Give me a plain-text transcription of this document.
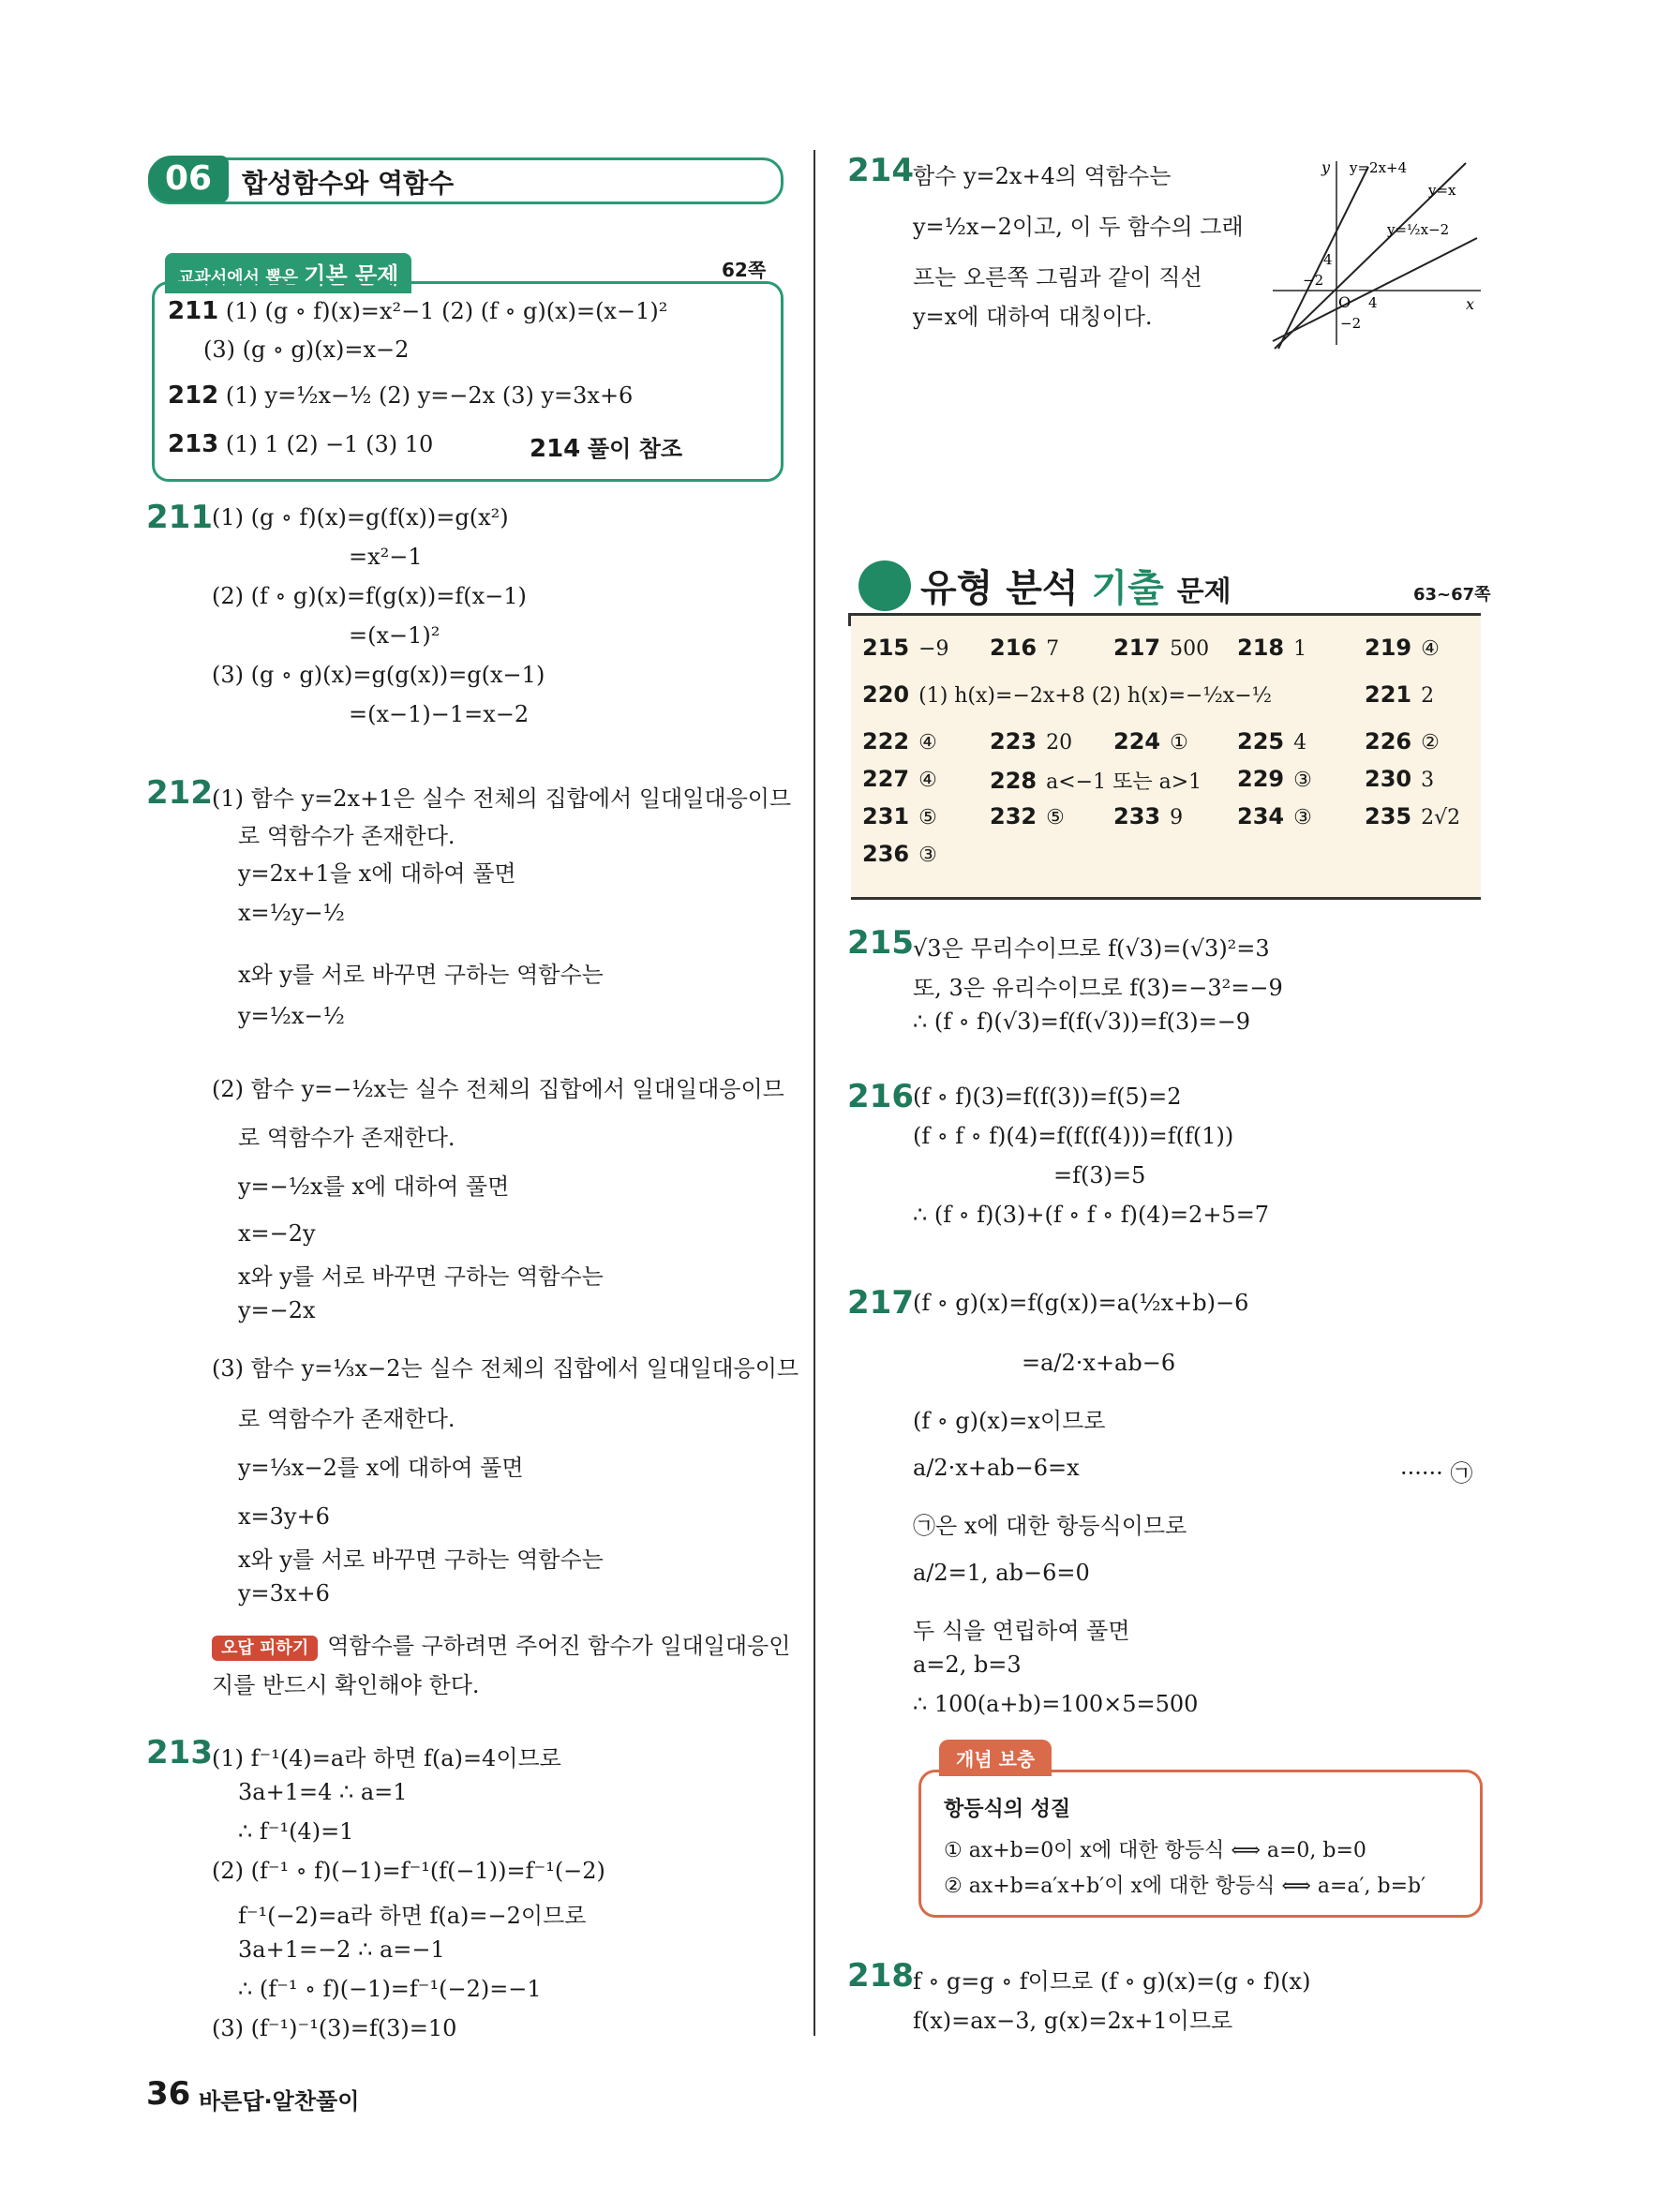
06	합성함수와 역함수
교과서에서 뽑은 기본 문제	62쪽
211 (1) (g ∘ f)(x)=x²−1 (2) (f ∘ g)(x)=(x−1)²
(3) (g ∘ g)(x)=x−2
212 (1) y=½x−½ (2) y=−2x (3) y=3x+6
213 (1) 1 (2) −1 (3) 10	214 풀이 참조
211 (1) (g ∘ f)(x)=g(f(x))=g(x²)
=x²−1
(2) (f ∘ g)(x)=f(g(x))=f(x−1)
=(x−1)²
(3) (g ∘ g)(x)=g(g(x))=g(x−1)
=(x−1)−1=x−2
212 (1) 함수 y=2x+1은 실수 전체의 집합에서 일대일대응이므
로 역함수가 존재한다.
y=2x+1을 x에 대하여 풀면
x=½y−½
x와 y를 서로 바꾸면 구하는 역함수는
y=½x−½
(2) 함수 y=−½x는 실수 전체의 집합에서 일대일대응이므
로 역함수가 존재한다.
y=−½x를 x에 대하여 풀면
x=−2y
x와 y를 서로 바꾸면 구하는 역함수는
y=−2x
(3) 함수 y=⅓x−2는 실수 전체의 집합에서 일대일대응이므
로 역함수가 존재한다.
y=⅓x−2를 x에 대하여 풀면
x=3y+6
x와 y를 서로 바꾸면 구하는 역함수는
y=3x+6
오답 피하기 역함수를 구하려면 주어진 함수가 일대일대응인
지를 반드시 확인해야 한다.
213 (1) f⁻¹(4)=a라 하면 f(a)=4이므로
3a+1=4 ∴ a=1
∴ f⁻¹(4)=1
(2) (f⁻¹ ∘ f)(−1)=f⁻¹(f(−1))=f⁻¹(−2)
f⁻¹(−2)=a라 하면 f(a)=−2이므로
3a+1=−2 ∴ a=−1
∴ (f⁻¹ ∘ f)(−1)=f⁻¹(−2)=−1
(3) (f⁻¹)⁻¹(3)=f(3)=10
214 함수 y=2x+4의 역함수는
y=½x−2이고, 이 두 함수의 그래
프는 오른쪽 그림과 같이 직선
y=x에 대하여 대칭이다.
y
x
O
y=2x+4
y=x
y=½x−2
4
−2
4
−2
유형 분석 기출 문제	63~67쪽
215 −9 216 7 217 500 218 1	219 ④
220 (1) h(x)=−2x+8 (2) h(x)=−½x−½	221 2
222 ④ 223 20 224 ① 225 4	226 ②
227 ④ 228 a<−1 또는 a>1 229 ③ 230 3
231 ⑤ 232 ⑤ 233 9 234 ③ 235 2√2
236 ③
215 √3은 무리수이므로 f(√3)=(√3)²=3
또, 3은 유리수이므로 f(3)=−3²=−9
∴ (f ∘ f)(√3)=f(f(√3))=f(3)=−9
216 (f ∘ f)(3)=f(f(3))=f(5)=2
(f ∘ f ∘ f)(4)=f(f(f(4)))=f(f(1))
=f(3)=5
∴ (f ∘ f)(3)+(f ∘ f ∘ f)(4)=2+5=7
217 (f ∘ g)(x)=f(g(x))=a(½x+b)−6
=a/2·x+ab−6
(f ∘ g)(x)=x이므로
a/2·x+ab−6=x	······ ㉠
㉠은 x에 대한 항등식이므로
a/2=1, ab−6=0
두 식을 연립하여 풀면
a=2, b=3
∴ 100(a+b)=100×5=500
개념 보충
항등식의 성질
① ax+b=0이 x에 대한 항등식 ⟺ a=0, b=0
② ax+b=a′x+b′이 x에 대한 항등식 ⟺ a=a′, b=b′
218 f ∘ g=g ∘ f이므로 (f ∘ g)(x)=(g ∘ f)(x)
f(x)=ax−3, g(x)=2x+1이므로
36 바른답·알찬풀이
